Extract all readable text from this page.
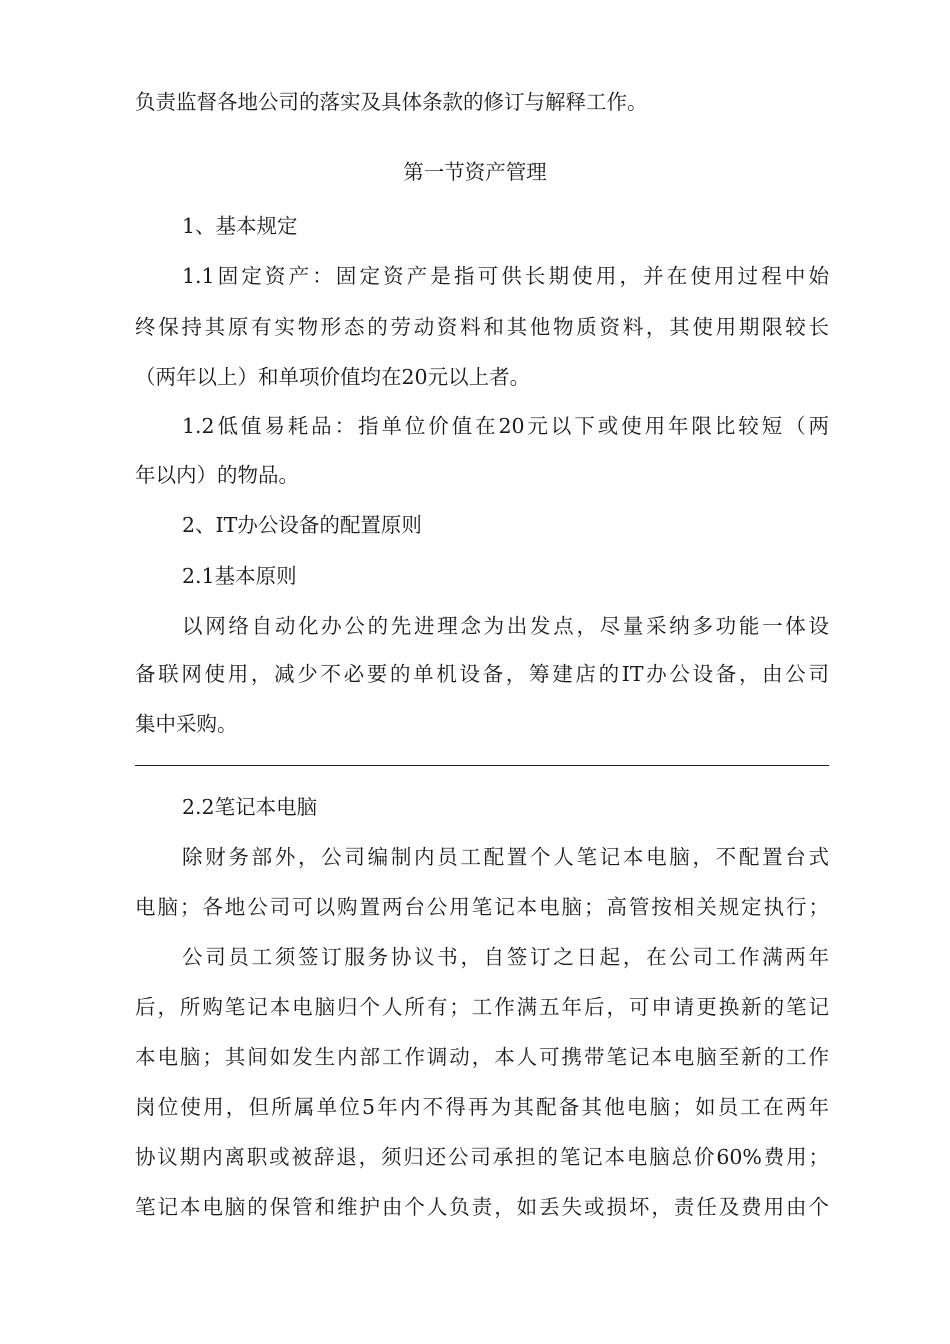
负责监督各地公司的落实及具体条款的修订与解释工作。
第一节资产管理
1、基本规定
1.1固定资产：固定资产是指可供长期使用，并在使用过程中始
终保持其原有实物形态的劳动资料和其他物质资料，其使用期限较长
（两年以上）和单项价值均在20元以上者。
1.2低值易耗品：指单位价值在20元以下或使用年限比较短（两
年以内）的物品。
2、IT办公设备的配置原则
2.1基本原则
以网络自动化办公的先进理念为出发点，尽量采纳多功能一体设
备联网使用，减少不必要的单机设备，筹建店的IT办公设备，由公司
集中采购。
2.2笔记本电脑
除财务部外，公司编制内员工配置个人笔记本电脑，不配置台式
电脑；各地公司可以购置两台公用笔记本电脑；高管按相关规定执行；
公司员工须签订服务协议书，自签订之日起，在公司工作满两年
后，所购笔记本电脑归个人所有；工作满五年后，可申请更换新的笔记
本电脑；其间如发生内部工作调动，本人可携带笔记本电脑至新的工作
岗位使用，但所属单位5年内不得再为其配备其他电脑；如员工在两年
协议期内离职或被辞退，须归还公司承担的笔记本电脑总价60%费用；
笔记本电脑的保管和维护由个人负责，如丢失或损坏，责任及费用由个
